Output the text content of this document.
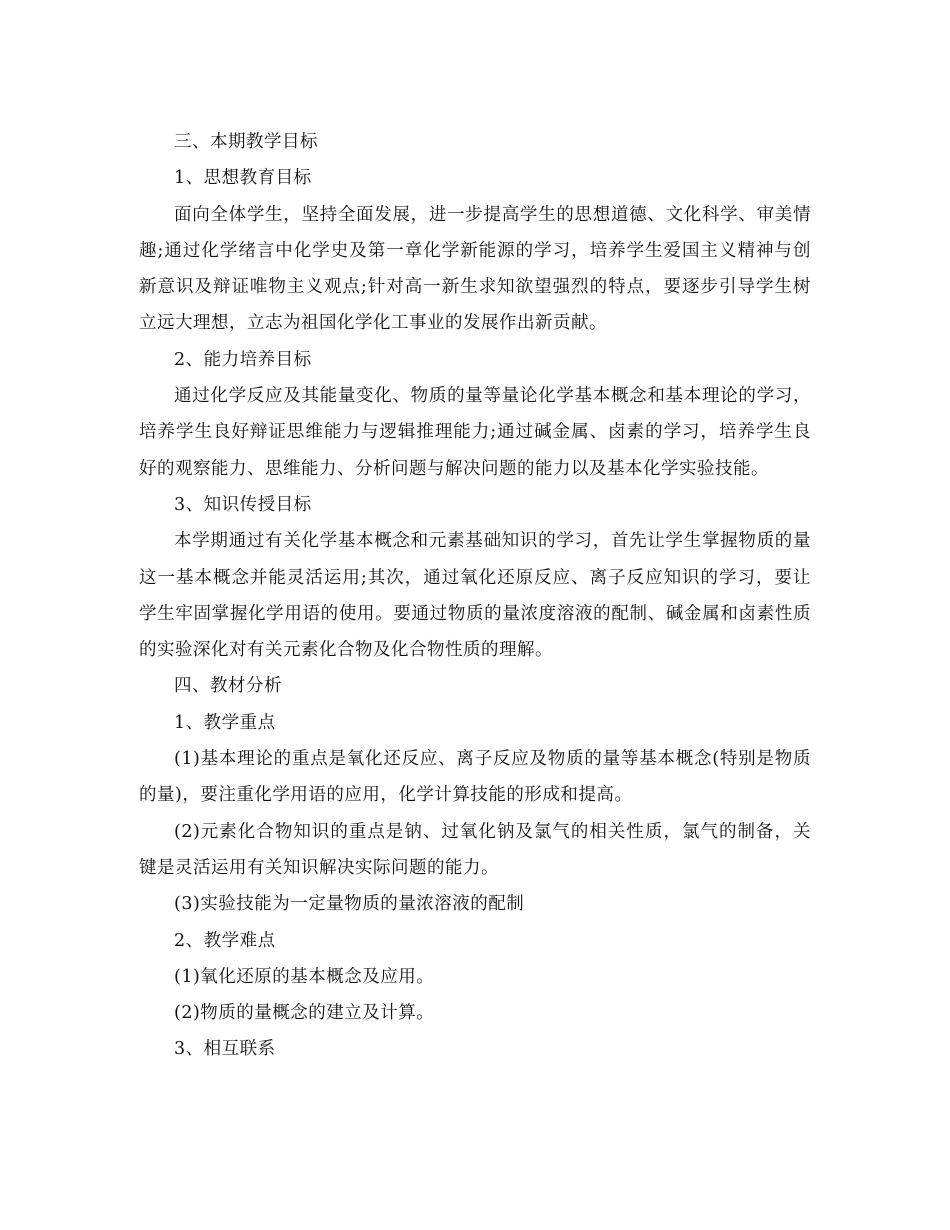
三、本期教学目标

1、思想教育目标

面向全体学生，坚持全面发展，进一步提高学生的思想道德、文化科学、审美情趣;通过化学绪言中化学史及第一章化学新能源的学习，培养学生爱国主义精神与创新意识及辩证唯物主义观点;针对高一新生求知欲望强烈的特点，要逐步引导学生树立远大理想，立志为祖国化学化工事业的发展作出新贡献。

2、能力培养目标

通过化学反应及其能量变化、物质的量等量论化学基本概念和基本理论的学习，培养学生良好辩证思维能力与逻辑推理能力;通过碱金属、卤素的学习，培养学生良好的观察能力、思维能力、分析问题与解决问题的能力以及基本化学实验技能。

3、知识传授目标

本学期通过有关化学基本概念和元素基础知识的学习，首先让学生掌握物质的量这一基本概念并能灵活运用;其次，通过氧化还原反应、离子反应知识的学习，要让学生牢固掌握化学用语的使用。要通过物质的量浓度溶液的配制、碱金属和卤素性质的实验深化对有关元素化合物及化合物性质的理解。

四、教材分析

1、教学重点

(1)基本理论的重点是氧化还反应、离子反应及物质的量等基本概念(特别是物质的量)，要注重化学用语的应用，化学计算技能的形成和提高。

(2)元素化合物知识的重点是钠、过氧化钠及氯气的相关性质，氯气的制备，关键是灵活运用有关知识解决实际问题的能力。

(3)实验技能为一定量物质的量浓溶液的配制

2、教学难点

(1)氧化还原的基本概念及应用。

(2)物质的量概念的建立及计算。

3、相互联系
